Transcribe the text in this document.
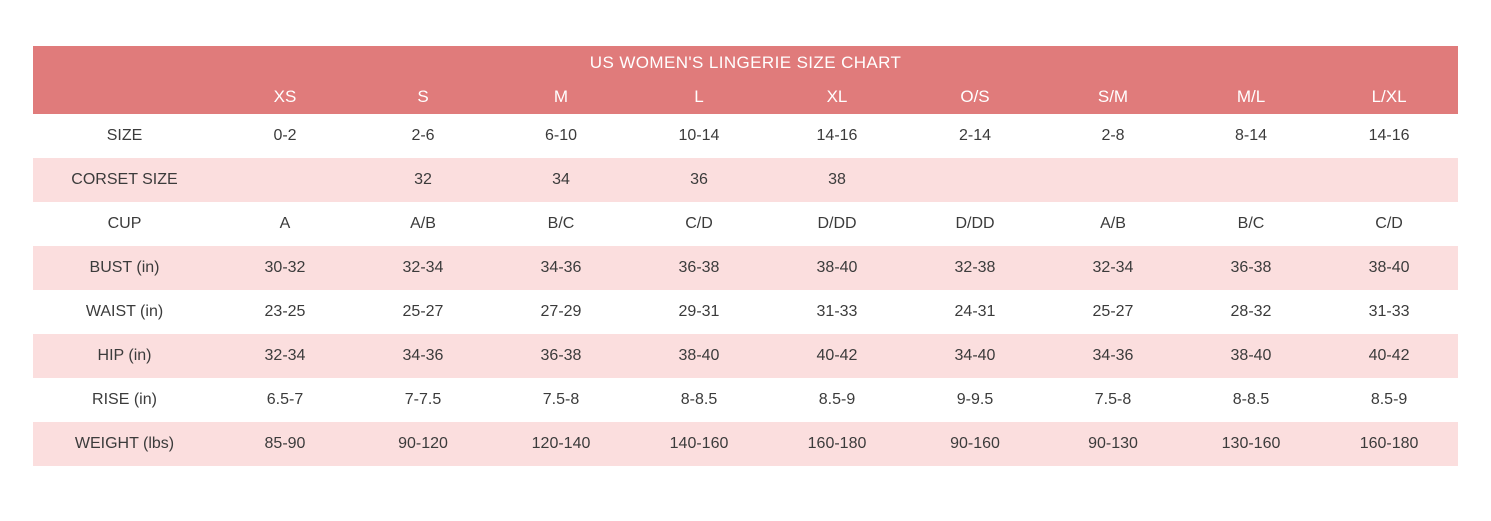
US WOMEN'S LINGERIE SIZE CHART									
	XS	S	M	L	XL	O/S	S/M	M/L	L/XL
SIZE	0-2	2-6	6-10	10-14	14-16	2-14	2-8	8-14	14-16
CORSET SIZE		32	34	36	38				
CUP	A	A/B	B/C	C/D	D/DD	D/DD	A/B	B/C	C/D
BUST (in)	30-32	32-34	34-36	36-38	38-40	32-38	32-34	36-38	38-40
WAIST (in)	23-25	25-27	27-29	29-31	31-33	24-31	25-27	28-32	31-33
HIP (in)	32-34	34-36	36-38	38-40	40-42	34-40	34-36	38-40	40-42
RISE (in)	6.5-7	7-7.5	7.5-8	8-8.5	8.5-9	9-9.5	7.5-8	8-8.5	8.5-9
WEIGHT (lbs)	85-90	90-120	120-140	140-160	160-180	90-160	90-130	130-160	160-180
